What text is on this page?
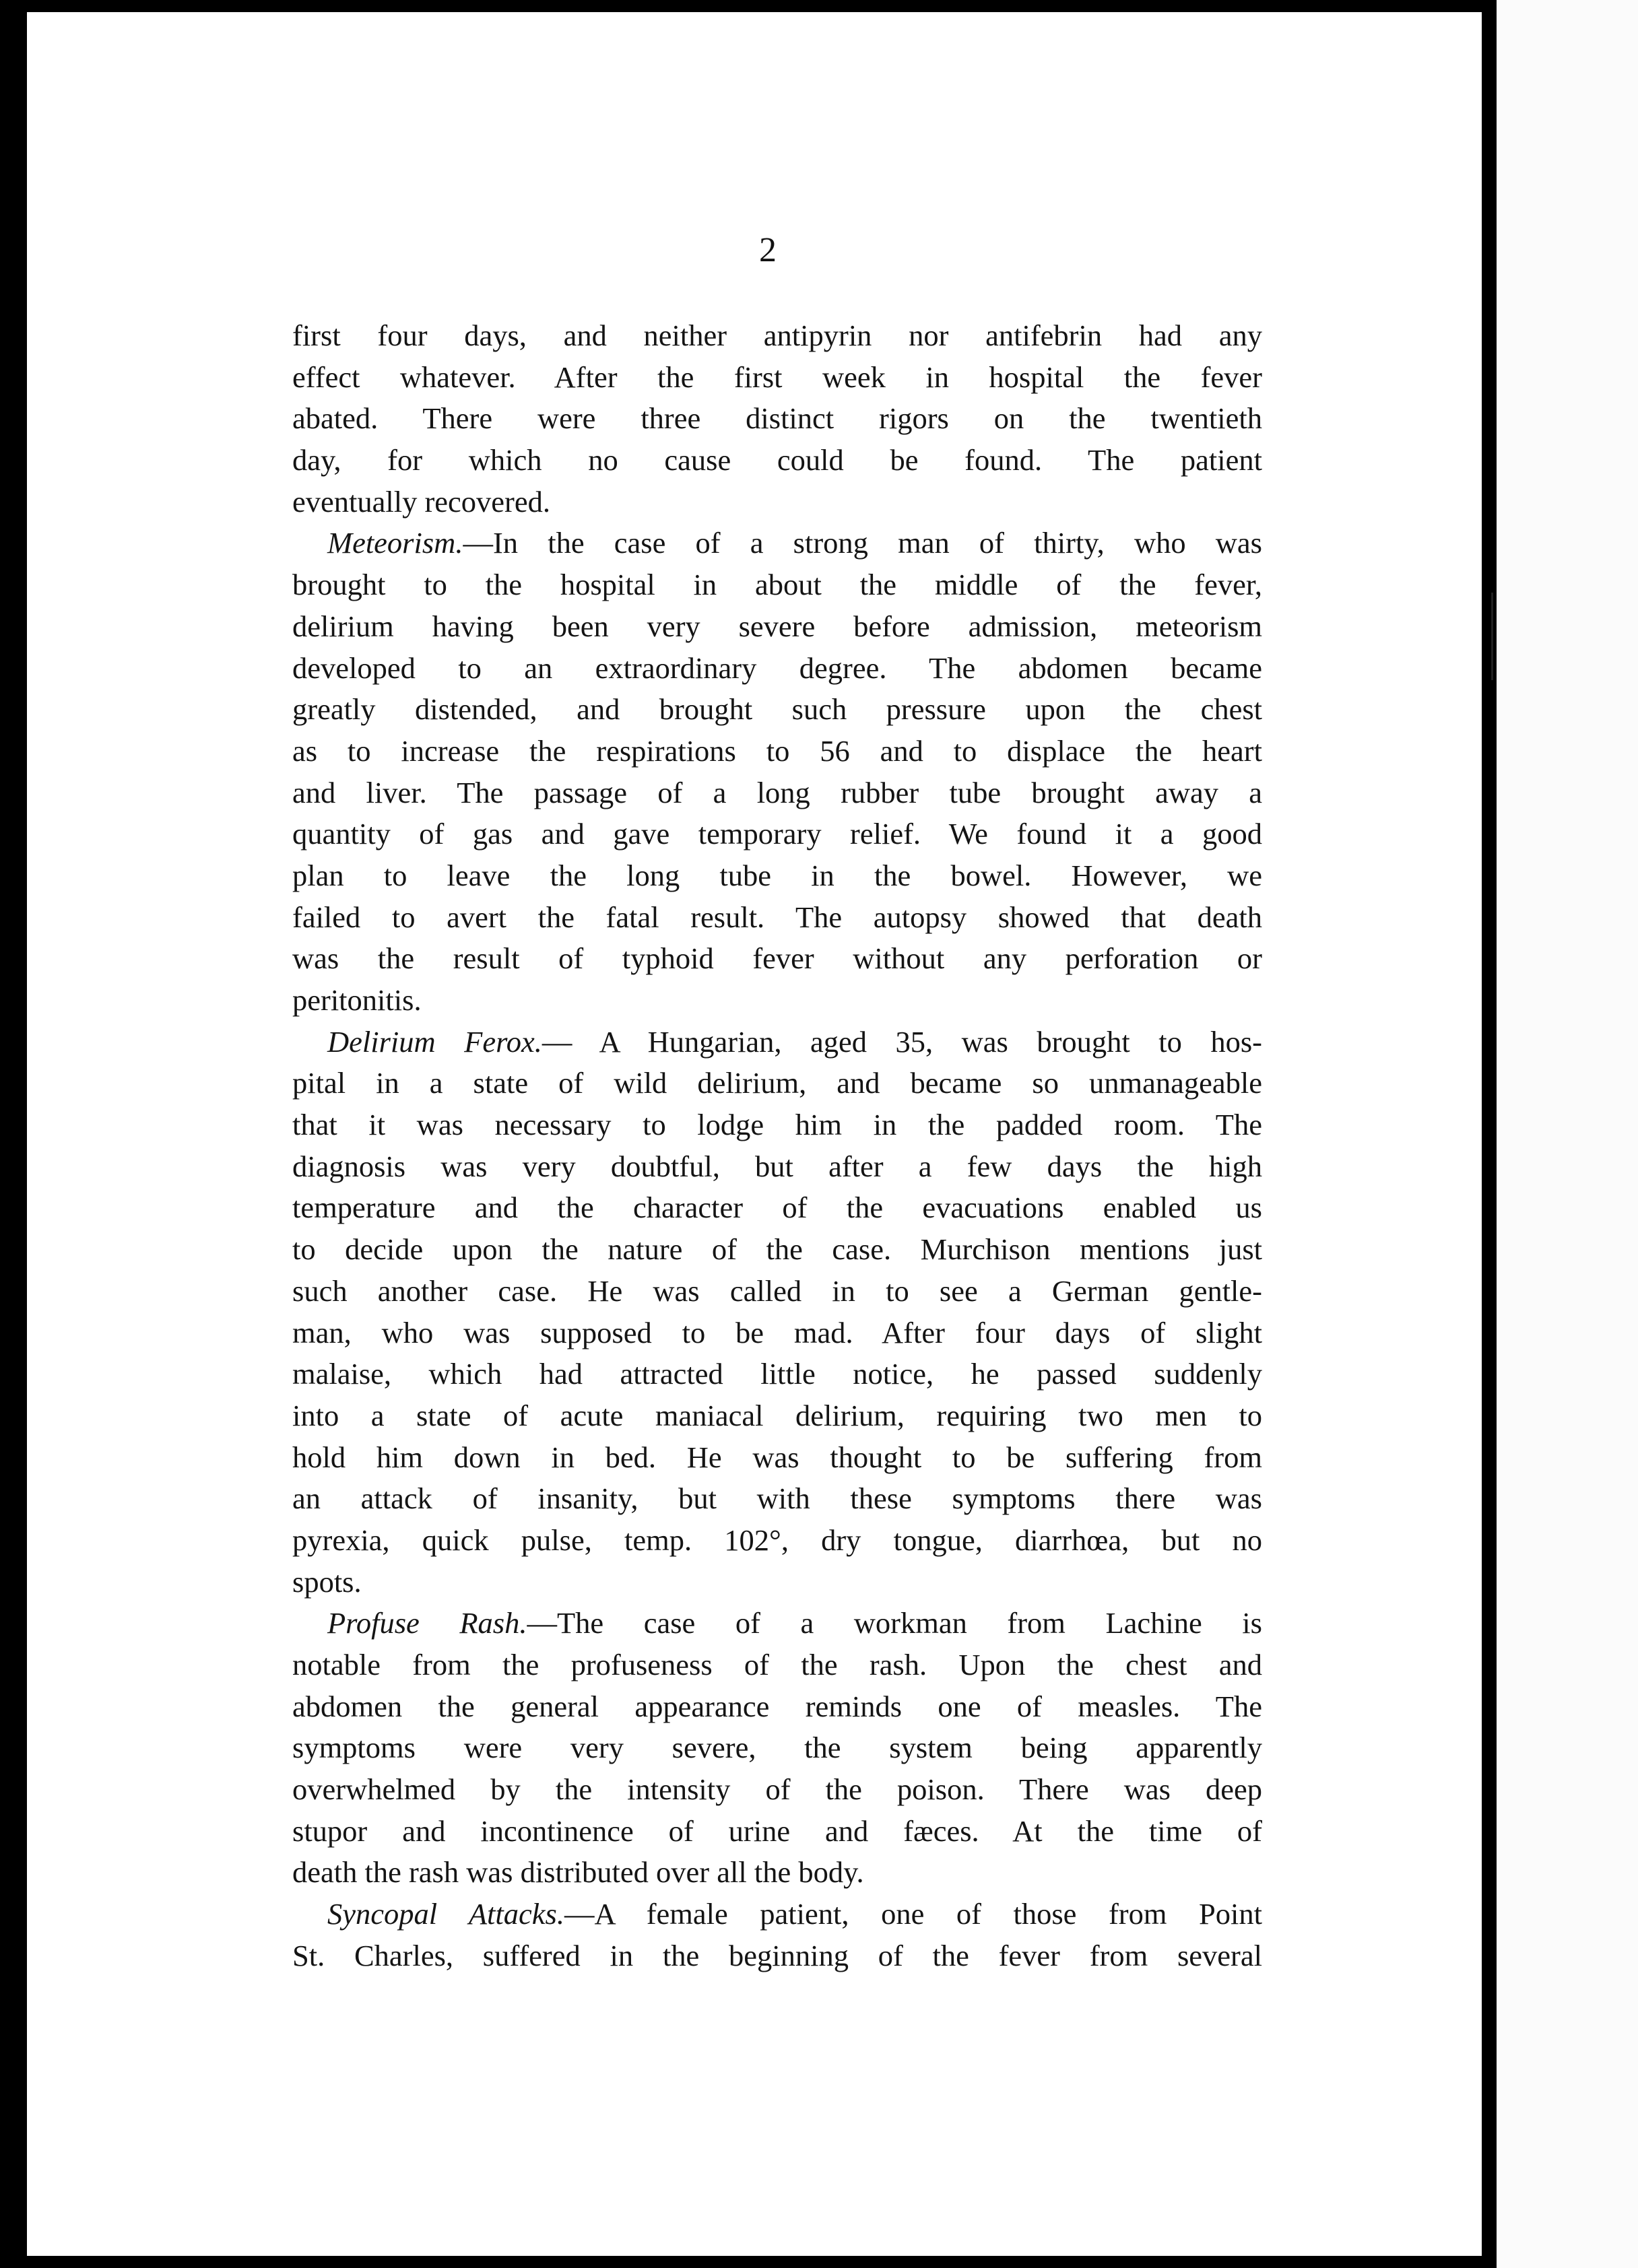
2
first four days, and neither antipyrin nor antifebrin had any
effect whatever. After the first week in hospital the fever
abated. There were three distinct rigors on the twentieth
day, for which no cause could be found. The patient
eventually recovered.
Meteorism.—In the case of a strong man of thirty, who was
brought to the hospital in about the middle of the fever,
delirium having been very severe before admission, meteorism
developed to an extraordinary degree. The abdomen became
greatly distended, and brought such pressure upon the chest
as to increase the respirations to 56 and to displace the heart
and liver. The passage of a long rubber tube brought away a
quantity of gas and gave temporary relief. We found it a good
plan to leave the long tube in the bowel. However, we
failed to avert the fatal result. The autopsy showed that death
was the result of typhoid fever without any perforation or
peritonitis.
Delirium Ferox.— A Hungarian, aged 35, was brought to hos-
pital in a state of wild delirium, and became so unmanageable
that it was necessary to lodge him in the padded room. The
diagnosis was very doubtful, but after a few days the high
temperature and the character of the evacuations enabled us
to decide upon the nature of the case. Murchison mentions just
such another case. He was called in to see a German gentle-
man, who was supposed to be mad. After four days of slight
malaise, which had attracted little notice, he passed suddenly
into a state of acute maniacal delirium, requiring two men to
hold him down in bed. He was thought to be suffering from
an attack of insanity, but with these symptoms there was
pyrexia, quick pulse, temp. 102°, dry tongue, diarrhœa, but no
spots.
Profuse Rash.—The case of a workman from Lachine is
notable from the profuseness of the rash. Upon the chest and
abdomen the general appearance reminds one of measles. The
symptoms were very severe, the system being apparently
overwhelmed by the intensity of the poison. There was deep
stupor and incontinence of urine and fæces. At the time of
death the rash was distributed over all the body.
Syncopal Attacks.—A female patient, one of those from Point
St. Charles, suffered in the beginning of the fever from several
